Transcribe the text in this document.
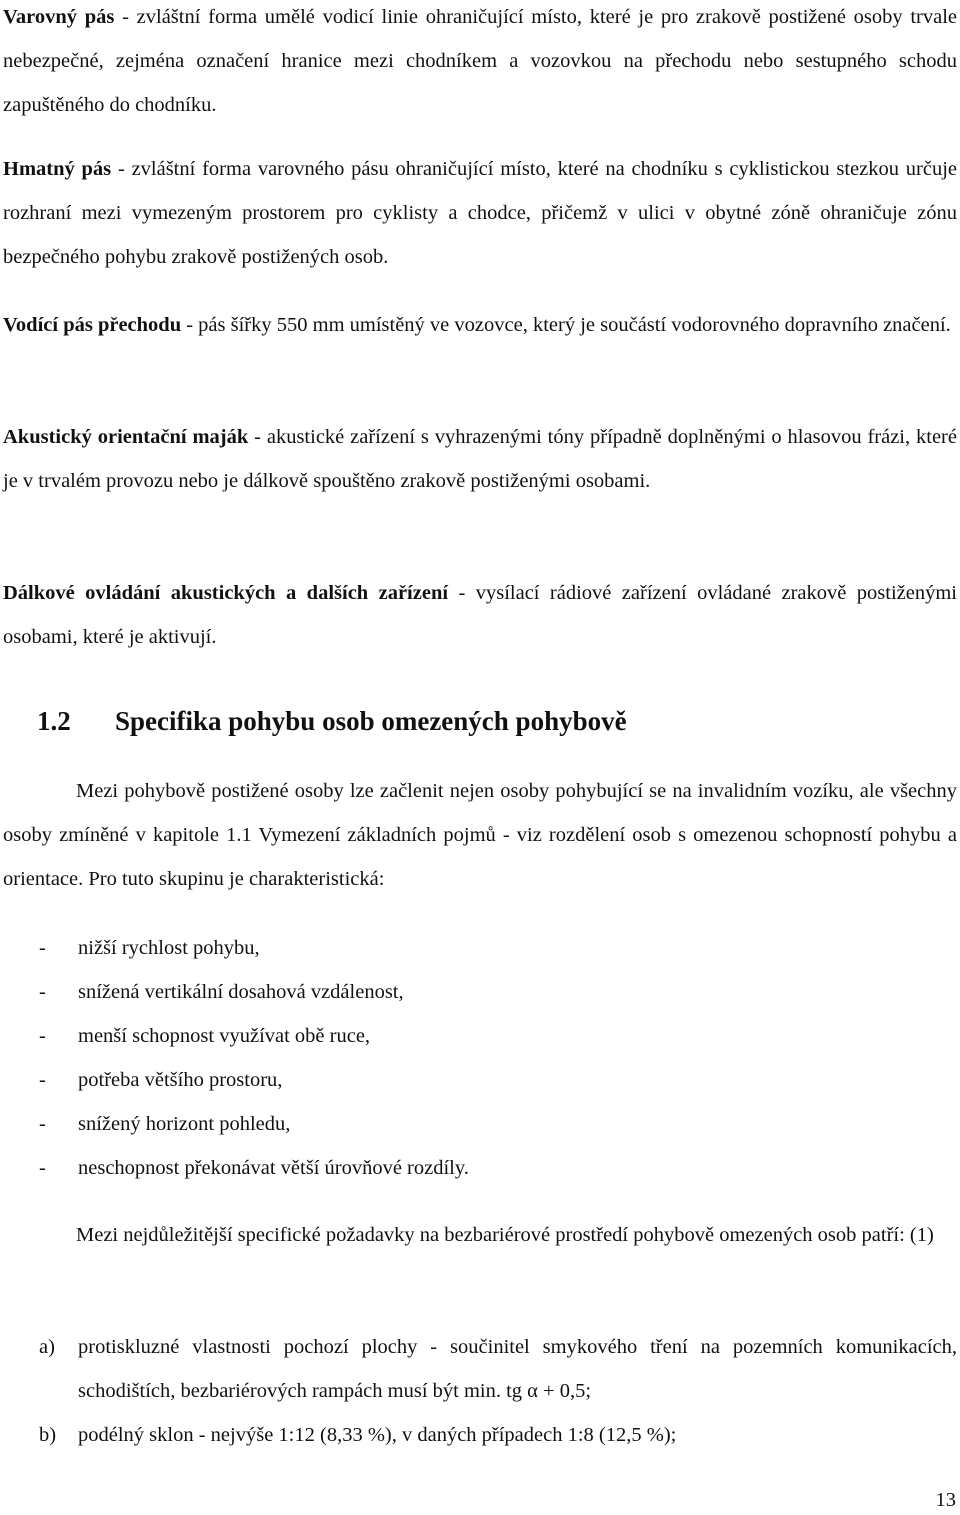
Varovný pás - zvláštní forma umělé vodicí linie ohraničující místo, které je pro zrakově postižené osoby trvale nebezpečné, zejména označení hranice mezi chodníkem a vozovkou na přechodu nebo sestupného schodu zapuštěného do chodníku.

Hmatný pás - zvláštní forma varovného pásu ohraničující místo, které na chodníku s cyklistickou stezkou určuje rozhraní mezi vymezeným prostorem pro cyklisty a chodce, přičemž v ulici v obytné zóně ohraničuje zónu bezpečného pohybu zrakově postižených osob.

Vodící pás přechodu - pás šířky 550 mm umístěný ve vozovce, který je součástí vodorovného dopravního značení.

Akustický orientační maják - akustické zařízení s vyhrazenými tóny případně doplněnými o hlasovou frázi, které je v trvalém provozu nebo je dálkově spouštěno zrakově postiženými osobami.

Dálkové ovládání akustických a dalších zařízení - vysílací rádiové zařízení ovládané zrakově postiženými osobami, které je aktivují.

1.2 Specifika pohybu osob omezených pohybově

Mezi pohybově postižené osoby lze začlenit nejen osoby pohybující se na invalidním vozíku, ale všechny osoby zmíněné v kapitole 1.1 Vymezení základních pojmů - viz rozdělení osob s omezenou schopností pohybu a orientace. Pro tuto skupinu je charakteristická:

- nižší rychlost pohybu,
- snížená vertikální dosahová vzdálenost,
- menší schopnost využívat obě ruce,
- potřeba většího prostoru,
- snížený horizont pohledu,
- neschopnost překonávat větší úrovňové rozdíly.

Mezi nejdůležitější specifické požadavky na bezbariérové prostředí pohybově omezených osob patří: (1)

a) protiskluzné vlastnosti pochozí plochy - součinitel smykového tření na pozemních komunikacích, schodištích, bezbariérových rampách musí být min. tg α + 0,5;
b) podélný sklon - nejvýše 1:12 (8,33 %), v daných případech 1:8 (12,5 %);
13
